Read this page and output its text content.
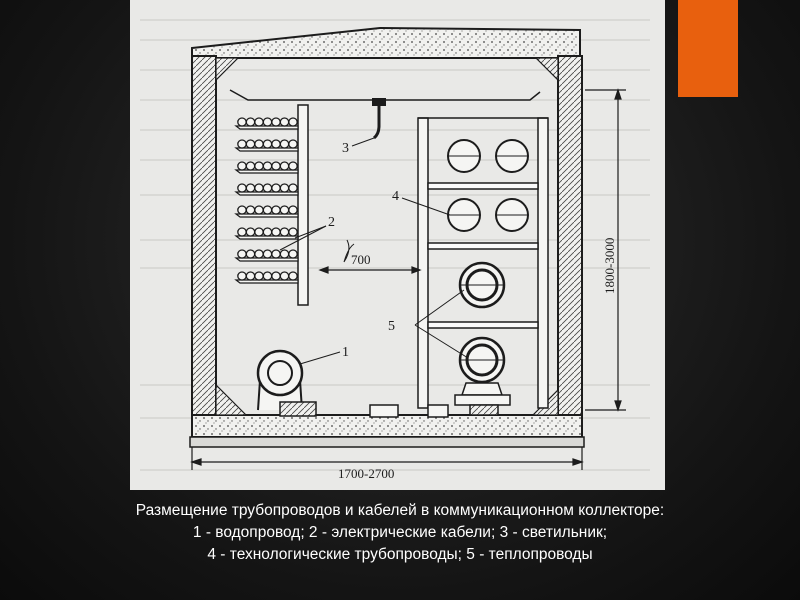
1
2
3
4
5
700
1700-2700
1800-3000
Размещение трубопроводов и кабелей в коммуникационном коллекторе:
1 - водопровод; 2 - электрические кабели; 3 - светильник;
4 - технологические трубопроводы; 5 - теплопроводы
